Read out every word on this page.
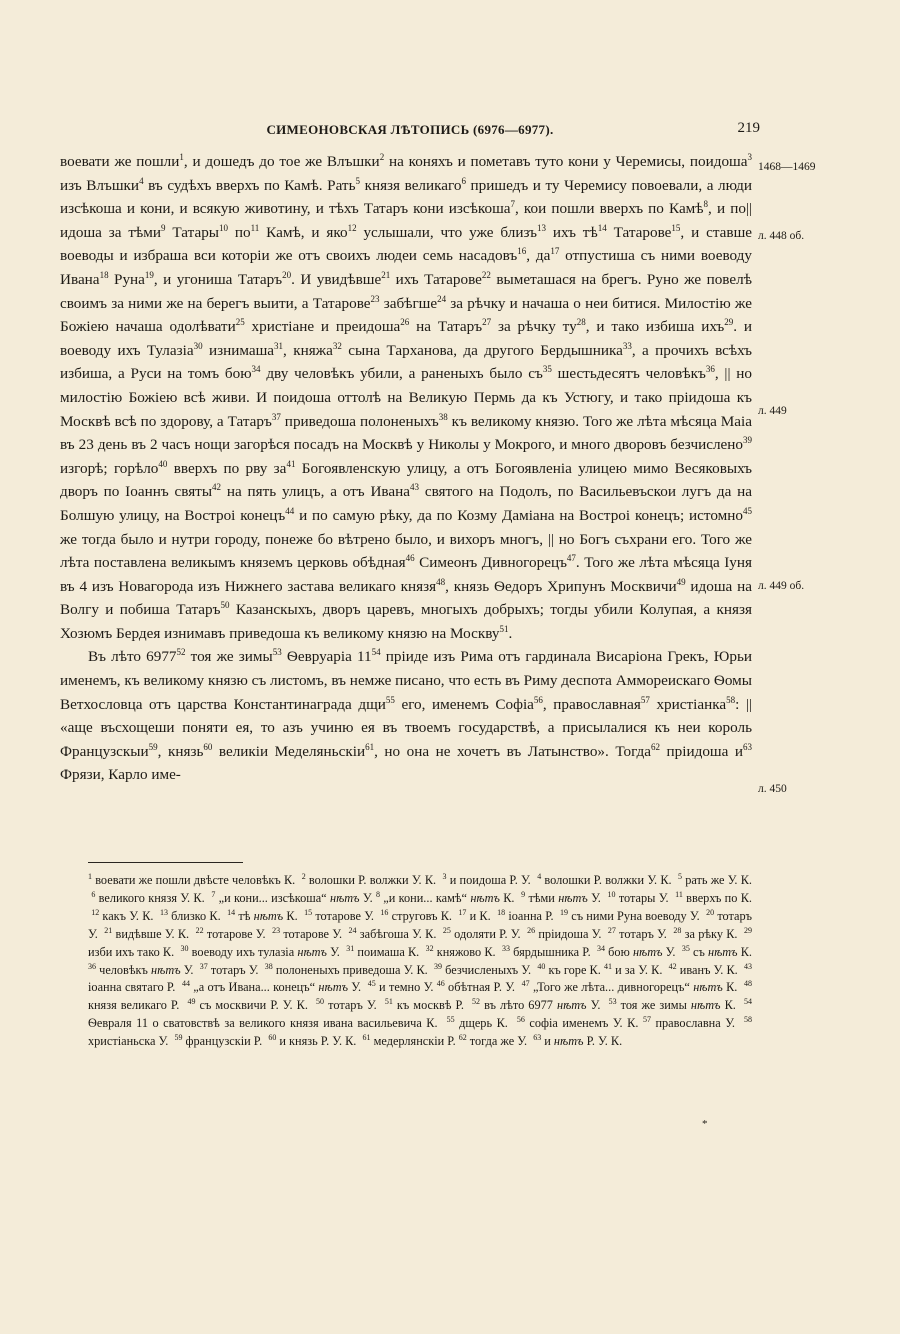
СИМЕОНОВСКАЯ ЛѢТОПИСЬ (6976—6977).	219
1468—1469
л. 448 об.
л. 449
л. 449 об.
л. 450

воевати же пошли$^1$, и дошедъ до тое же Влъшки$^2$ на коняхъ и пометавъ туто кони у Черемисы, поидоша$^3$ изъ Влъшки$^4$ въ судѣхъ вверхъ по Камѣ. Рать$^5$ князя великаго$^6$ пришедъ и ту Черемису повоевали, а люди изсѣкоша и кони, и всякую животину, и тѣхъ Татаръ кони изсѣкоша$^7$, кои пошли вверхъ по Камѣ$^8$, и по||идоша за тѣми$^9$ Татары$^{10}$ $по^{11}$ Камѣ, и яко$^{12}$ услышали, что уже близъ$^{13}$ ихъ $тѣ^{14}$ Татарове$^{15}$, и ставше воеводы и избраша вси которіи же отъ своихъ людеи семь насадовъ$^{16}$, $да^{17}$ отпустиша съ ними воеводу Ивана$^{18}$ Руна$^{19}$, и угониша Татаръ$^{20}$. И увидѣвше$^{21}$ ихъ Татарове$^{22}$ выметашася на брегъ. Руно же повелѣ своимъ за ними же на берегъ выити, а Татарове$^{23}$ забѣгше$^{24}$ за рѣчку и начаша о неи битися. Милостію же Божіею начаша одолѣвати$^{25}$ христіане и преидоша$^{26}$ на Татаръ$^{27}$ за рѣчку $ту^{28}$, и тако избиша ихъ$^{29}$. и воеводу ихъ Тулазіа$^{30}$ изнимаша$^{31}$, княжа$^{32}$ сына Тарханова, да другого Бердышника$^{33}$, а прочихъ всѣхъ избиша, а Руси на томъ бою$^{34}$ дву человѣкъ убили, а раненыхъ было $съ^{35}$ шестьдесятъ человѣкъ$^{36}$, || но милостію Божіею всѣ живи. И поидоша оттолѣ на Великую Пермь да къ Устюгу, и тако пріидоша къ Москвѣ всѣ по здорову, а Татаръ$^{37}$ приведоша полоненыхъ$^{38}$ къ великому князю. Того же лѣта мѣсяца Маіа въ 23 день въ 2 часъ нощи загорѣся посадъ на Москвѣ у Николы у Мокрого, и много дворовъ безчислено$^{39}$ изгорѣ; горѣло$^{40}$ вверхъ по рву $за^{41}$ Богоявленскую улицу, а отъ Богоявленіа улицею мимо Весяковыхъ дворъ по Іоаннъ святы$^{42}$ на пять улицъ, а отъ Ивана$^{43}$ святого на Подолъ, по Васильевъскои лугъ да на Болшую улицу, на Востроі конецъ$^{44}$ и по самую рѣку, да по Козму Даміана на Востроі конецъ; истомно$^{45}$ же тогда было и нутри городу, понеже бо вѣтрено было, и вихоръ многъ, || но Богъ съхрани его. Того же лѣта поставлена великымъ княземъ церковь обѣдная$^{46}$ Симеонъ Дивногорецъ$^{47}$. Того же лѣта мѣсяца Іуня въ 4 изъ Новагорода изъ Нижнего застава великаго князя$^{48}$, князь Ѳедоръ Хрипунъ Москвичи$^{49}$ идоша на Волгу и побиша Татаръ$^{50}$ Казанскыхъ, дворъ царевъ, многыхъ добрыхъ; тогды убили Колупая, а князя Хозюмъ Бердея изнимавъ приведоша къ великому князю на Москву$^{51}$.

Въ лѣто 6977$^{52}$ тоя же зимы$^{53}$ Ѳевруаріа $11^{54}$ пріиде изъ Рима отъ гардинала Висаріона Грекъ, Юрьи именемъ, къ великому князю съ листомъ, въ немже писано, что есть въ Риму деспота Аммореискаго Ѳомы Ветхословца отъ царства Константинаграда дщи$^{55}$ его, именемъ Софіа$^{56}$, православная$^{57}$ христіанка$^{58}$: || «аще въсхощеши поняти ея, то азъ учиню ея въ твоемъ государствѣ, а присылалися къ неи король Французскыи$^{59}$, князь$^{60}$ великіи Меделяньскіи$^{61}$, но она не хочетъ въ Латынство». Тогда$^{62}$ пріидоша $и^{63}$ Фрязи, Карло име-

$^1$ воевати же пошли двѣсте человѣкъ К.  $^2$ волошки Р. волжки У. К.  $^3$ и поидоша Р. У.  $^4$ волошки Р. волжки У. К.  $^5$ рать же У. К.  $^6$ великого князя У. К.  $^7$ „и кони... изсѣкоша“ нѣтъ У. $^8$ „и кони... камѣ“ нѣтъ К.  $^9$ тѣми нѣтъ У.  $^{10}$ тотары У.  $^{11}$ вверхъ по К.  $^{12}$ какъ У. К.  $^{13}$ близко К.  $^{14}$ тѣ нѣтъ К.  $^{15}$ тотарове У.  $^{16}$ струговъ К.  $^{17}$ и К.  $^{18}$ іоанна Р.  $^{19}$ съ ними Руна воеводу У.  $^{20}$ тотаръ У.  $^{21}$ видѣвше У. К.  $^{22}$ тотарове У.  $^{23}$ тотарове У.  $^{24}$ забѣгоша У. К.  $^{25}$ одоляти Р. У.  $^{26}$ пріидоша У.  $^{27}$ тотаръ У.  $^{28}$ за рѣку К.  $^{29}$ изби ихъ тако К.  $^{30}$ воеводу ихъ тулазіа нѣтъ У.  $^{31}$ поимаша К.  $^{32}$ княжово К.  $^{33}$ бярдышника Р.  $^{34}$ бою нѣтъ У.  $^{35}$ съ нѣтъ К. $^{36}$ человѣкъ нѣтъ У.  $^{37}$ тотаръ У.  $^{38}$ полоненыхъ приведоша У. К.  $^{39}$ безчисленыхъ У.  $^{40}$ къ горе К. $^{41}$ и за У. К.  $^{42}$ иванъ У. К.  $^{43}$ іоанна святаго Р.  $^{44}$ „а отъ Ивана... конецъ“ нѣтъ У.  $^{45}$ и темно У. $^{46}$ обѣтная Р. У.  $^{47}$ „Того же лѣта... дивногорецъ“ нѣтъ К.  $^{48}$ князя великаго Р.  $^{49}$ съ москвичи Р. У. К.  $^{50}$ тотаръ У.  $^{51}$ къ москвѣ Р.  $^{52}$ въ лѣто 6977 нѣтъ У.  $^{53}$ тоя же зимы нѣтъ К.  $^{54}$ Ѳевраля 11 о сватовствѣ за великого князя ивана васильевича К.  $^{55}$ дщерь К.  $^{56}$ софіа именемъ У. К. $^{57}$ православна У.  $^{58}$ христіаньска У.  $^{59}$ французскіи Р.  $^{60}$ и князь Р. У. К.  $^{61}$ медерлянскіи Р. $^{62}$ тогда же У.  $^{63}$ и нѣтъ Р. У. К.
*
